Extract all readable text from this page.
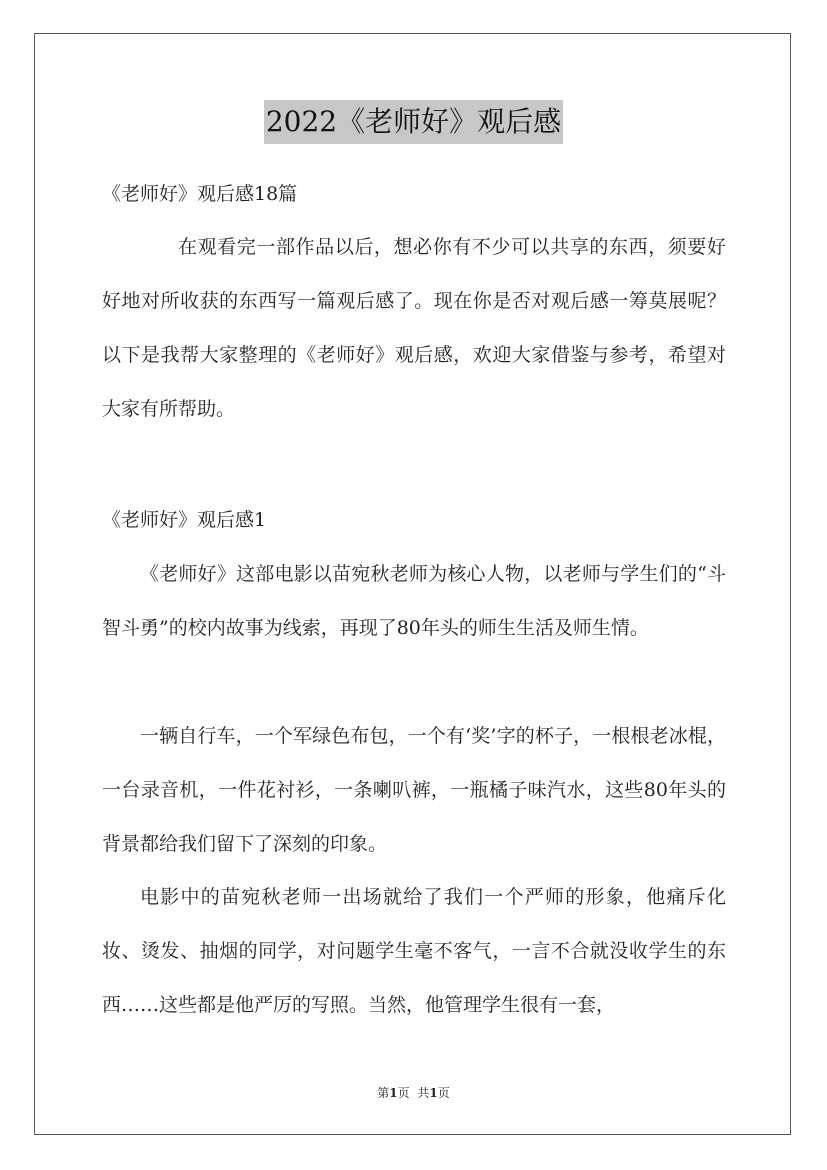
2022《老师好》观后感

《老师好》观后感18篇

在观看完一部作品以后，想必你有不少可以共享的东西，须要好好地对所收获的东西写一篇观后感了。现在你是否对观后感一筹莫展呢？以下是我帮大家整理的《老师好》观后感，欢迎大家借鉴与参考，希望对大家有所帮助。

《老师好》观后感1

《老师好》这部电影以苗宛秋老师为核心人物，以老师与学生们的“斗智斗勇”的校内故事为线索，再现了80年头的师生生活及师生情。

一辆自行车，一个军绿色布包，一个有‘奖’字的杯子，一根根老冰棍，一台录音机，一件花衬衫，一条喇叭裤，一瓶橘子味汽水，这些80年头的背景都给我们留下了深刻的印象。

电影中的苗宛秋老师一出场就给了我们一个严师的形象，他痛斥化妆、烫发、抽烟的同学，对问题学生毫不客气，一言不合就没收学生的东西……这些都是他严厉的写照。当然，他管理学生很有一套，

第1页 共1页
